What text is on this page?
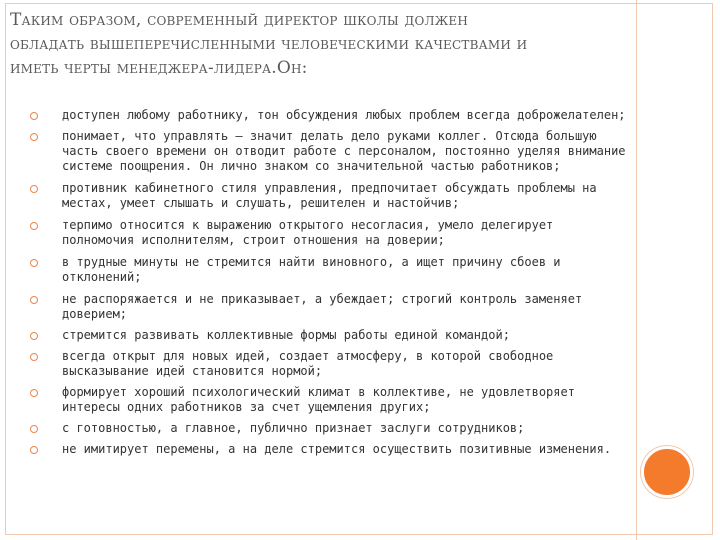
Таким образом, современный директор школы должен
обладать вышеперечисленными человеческими качествами и
иметь черты менеджера-лидера.Он:
доступен любому работнику, тон обсуждения любых проблем всегда доброжелателен;
понимает, что управлять – значит делать дело руками коллег. Отсюда большую часть своего времени он отводит работе с персоналом, постоянно уделяя внимание системе поощрения. Он лично знаком со значительной частью работников;
противник кабинетного стиля управления, предпочитает обсуждать проблемы на местах, умеет слышать и слушать, решителен и настойчив;
терпимо относится к выражению открытого несогласия, умело делегирует полномочия исполнителям, строит отношения на доверии;
в трудные минуты не стремится найти виновного, а ищет причину сбоев и отклонений;
не распоряжается и не приказывает, а убеждает; строгий контроль заменяет доверием;
стремится развивать коллективные формы работы единой командой;
всегда открыт для новых идей, создает атмосферу, в которой свободное высказывание идей становится нормой;
формирует хороший психологический климат в коллективе, не удовлетворяет интересы одних работников за счет ущемления других;
с готовностью, а главное, публично признает заслуги сотрудников;
не имитирует перемены, а на деле стремится осуществить позитивные изменения.
